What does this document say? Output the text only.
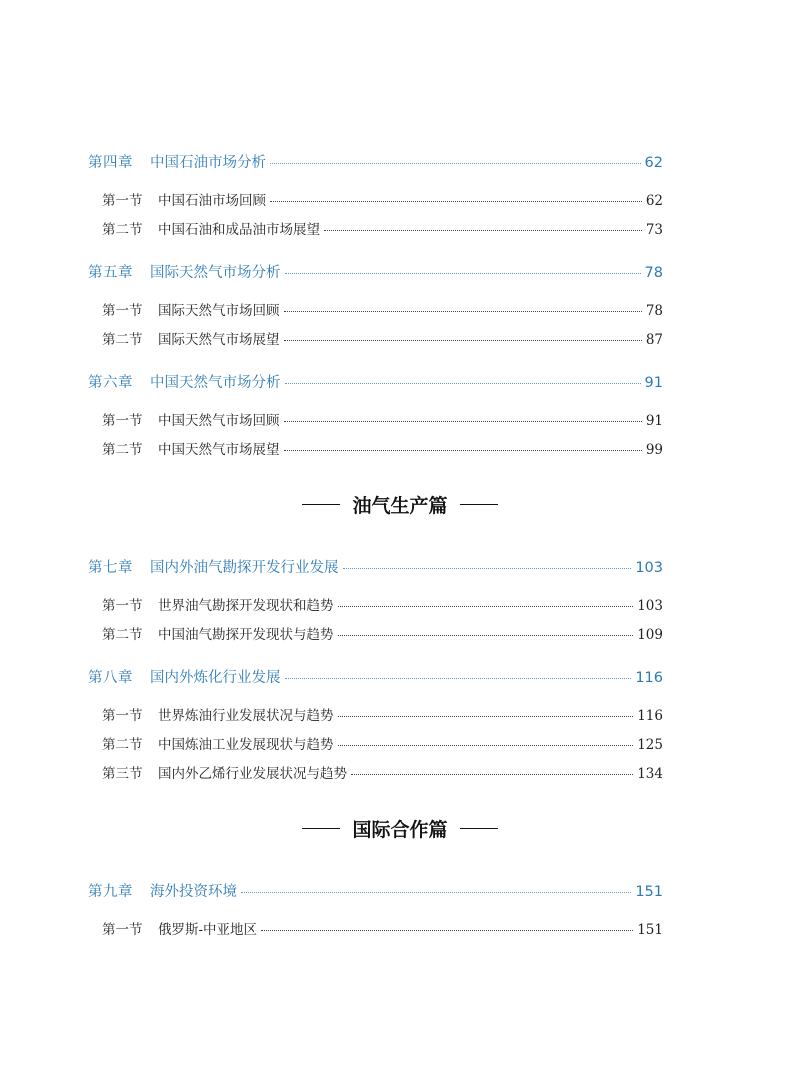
第四章	中国石油市场分析	62
第一节	中国石油市场回顾	62
第二节	中国石油和成品油市场展望	73
第五章	国际天然气市场分析	78
第一节	国际天然气市场回顾	78
第二节	国际天然气市场展望	87
第六章	中国天然气市场分析	91
第一节	中国天然气市场回顾	91
第二节	中国天然气市场展望	99
油气生产篇
第七章	国内外油气勘探开发行业发展	103
第一节	世界油气勘探开发现状和趋势	103
第二节	中国油气勘探开发现状与趋势	109
第八章	国内外炼化行业发展	116
第一节	世界炼油行业发展状况与趋势	116
第二节	中国炼油工业发展现状与趋势	125
第三节	国内外乙烯行业发展状况与趋势	134
国际合作篇
第九章	海外投资环境	151
第一节	俄罗斯-中亚地区	151
